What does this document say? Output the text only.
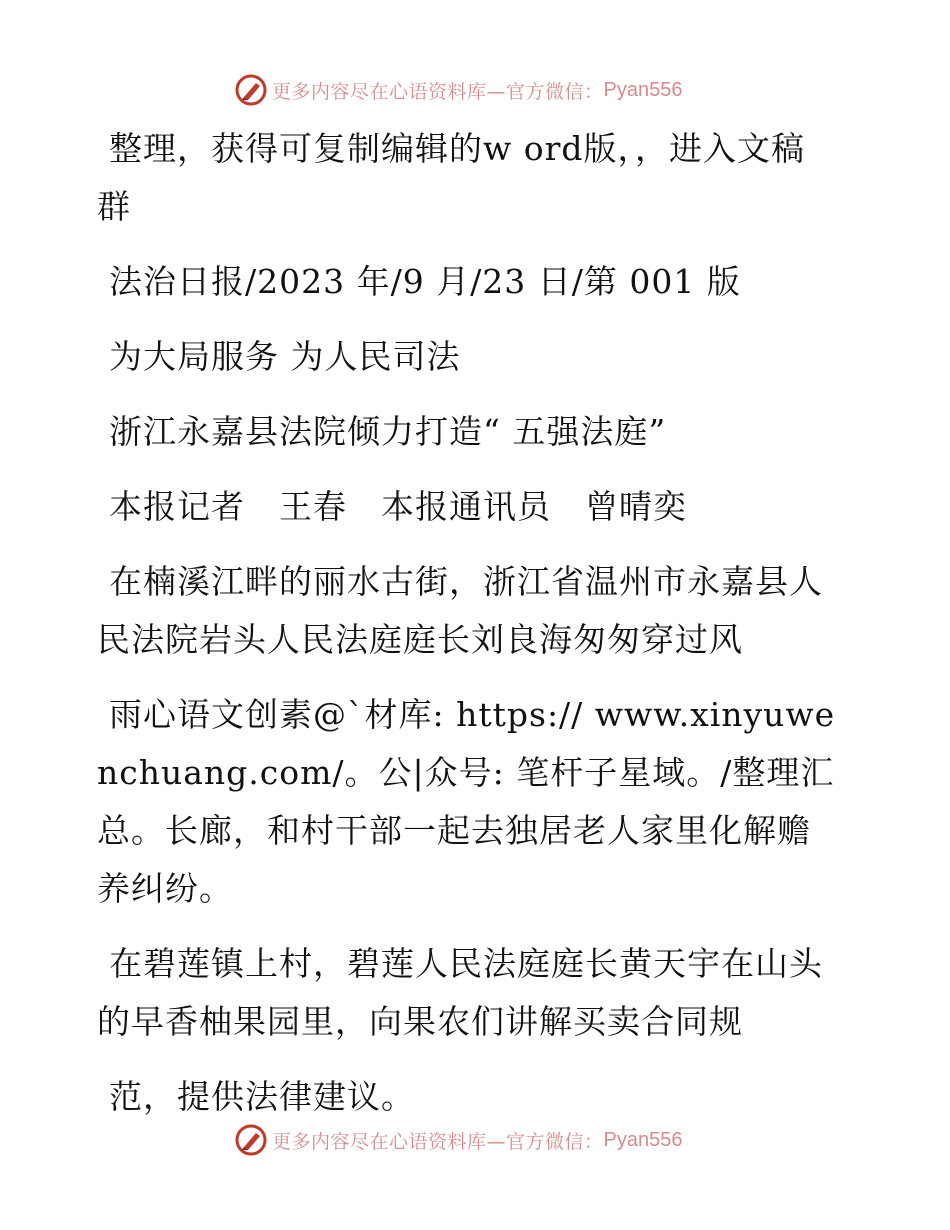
更多内容尽在心语资料库—官方微信： Pyan556

整理，获得可复制编辑的w ord版，，进入文稿群

法治日报/2023 年/9 月/23 日/第 001 版

为大局服务 为人民司法

浙江永嘉县法院倾力打造“ 五强法庭”

本报记者　王春　本报通讯员　曾晴奕

在楠溪江畔的丽水古街，浙江省温州市永嘉县人民法院岩头人民法庭庭长刘良海匆匆穿过风

雨心语文创素@`材库: https:// www.xinyuwenchuang.com/。公|众号: 笔杆子星域。/整理汇总。长廊，和村干部一起去独居老人家里化解赡养纠纷。

在碧莲镇上村，碧莲人民法庭庭长黄天宇在山头的早香柚果园里，向果农们讲解买卖合同规

范，提供法律建议。

更多内容尽在心语资料库—官方微信： Pyan556
